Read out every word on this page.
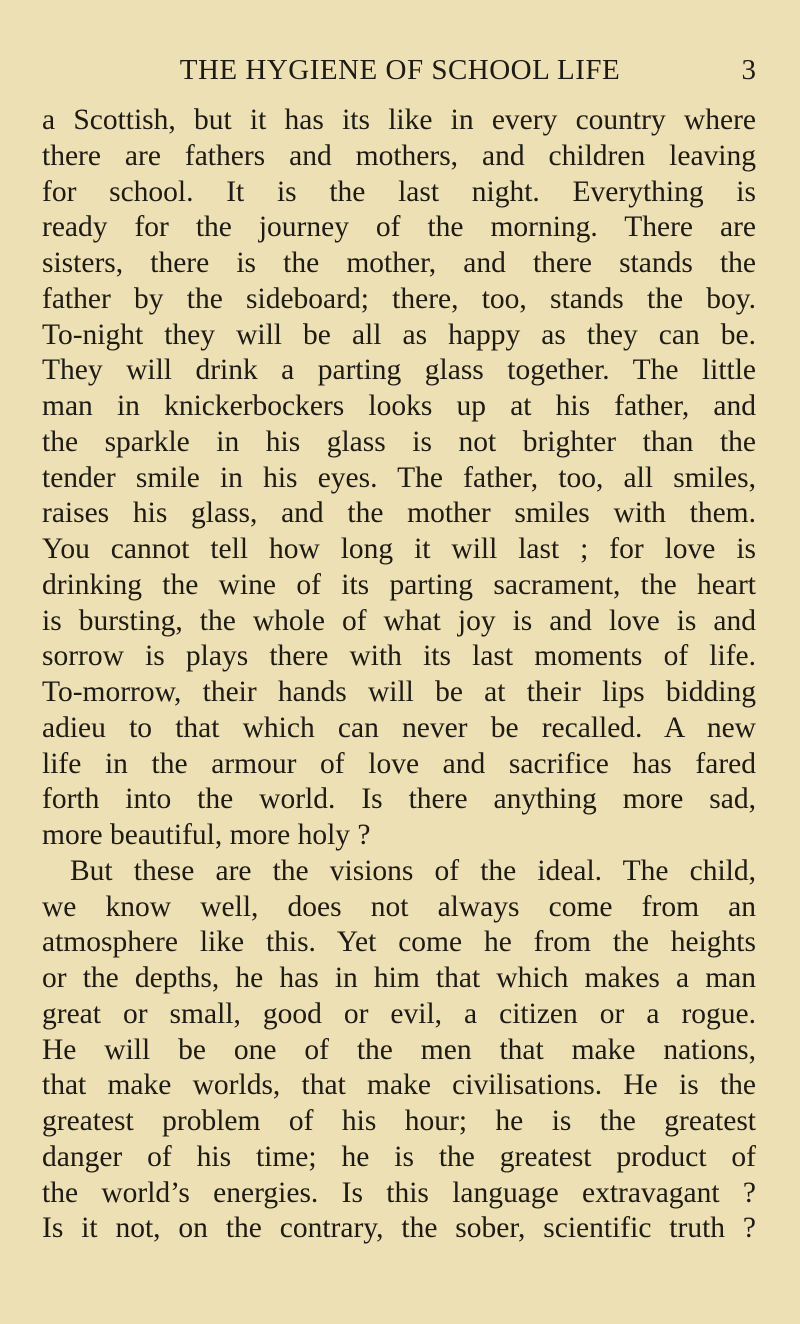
THE HYGIENE OF SCHOOL LIFE	3
a Scottish, but it has its like in every country where
there are fathers and mothers, and children leaving
for school. It is the last night. Everything is
ready for the journey of the morning. There are
sisters, there is the mother, and there stands the
father by the sideboard; there, too, stands the boy.
To-night they will be all as happy as they can be.
They will drink a parting glass together. The little
man in knickerbockers looks up at his father, and
the sparkle in his glass is not brighter than the
tender smile in his eyes. The father, too, all smiles,
raises his glass, and the mother smiles with them.
You cannot tell how long it will last ; for love is
drinking the wine of its parting sacrament, the heart
is bursting, the whole of what joy is and love is and
sorrow is plays there with its last moments of life.
To-morrow, their hands will be at their lips bidding
adieu to that which can never be recalled. A new
life in the armour of love and sacrifice has fared
forth into the world. Is there anything more sad,
more beautiful, more holy ?
But these are the visions of the ideal. The child,
we know well, does not always come from an
atmosphere like this. Yet come he from the heights
or the depths, he has in him that which makes a man
great or small, good or evil, a citizen or a rogue.
He will be one of the men that make nations,
that make worlds, that make civilisations. He is the
greatest problem of his hour; he is the greatest
danger of his time; he is the greatest product of
the world’s energies. Is this language extravagant ?
Is it not, on the contrary, the sober, scientific truth ?
